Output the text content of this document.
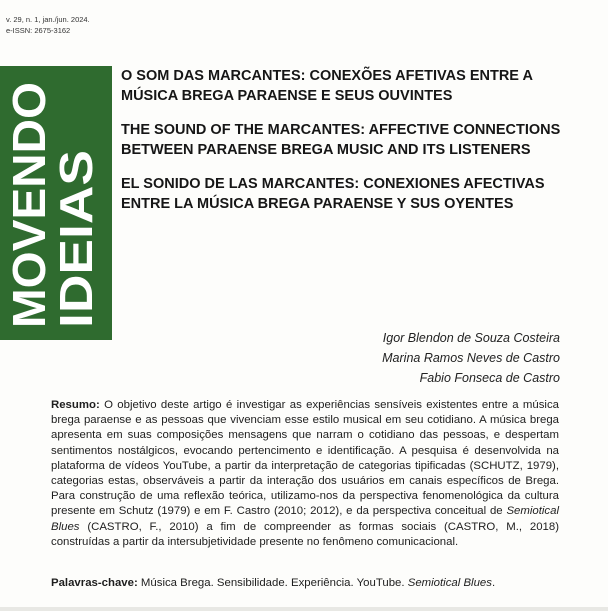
v. 29, n. 1, jan./jun. 2024.
e-ISSN: 2675-3162
MOVENDO
IDEIAS
O SOM DAS MARCANTES: CONEXÕES AFETIVAS ENTRE A MÚSICA BREGA PARAENSE E SEUS OUVINTES
THE SOUND OF THE MARCANTES: AFFECTIVE CONNECTIONS BETWEEN PARAENSE BREGA MUSIC AND ITS LISTENERS
EL SONIDO DE LAS MARCANTES: CONEXIONES AFECTIVAS ENTRE LA MÚSICA BREGA PARAENSE Y SUS OYENTES
Igor Blendon de Souza Costeira
Marina Ramos Neves de Castro
Fabio Fonseca de Castro
Resumo: O objetivo deste artigo é investigar as experiências sensíveis existentes entre a música brega paraense e as pessoas que vivenciam esse estilo musical em seu cotidiano. A música brega apresenta em suas composições mensagens que narram o cotidiano das pessoas, e despertam sentimentos nostálgicos, evocando pertencimento e identificação. A pesquisa é desenvolvida na plataforma de vídeos YouTube, a partir da interpretação de categorias tipificadas (SCHUTZ, 1979), categorias estas, observáveis a partir da interação dos usuários em canais específicos de Brega. Para construção de uma reflexão teórica, utilizamo-nos da perspectiva fenomenológica da cultura presente em Schutz (1979) e em F. Castro (2010; 2012), e da perspectiva conceitual de Semiotical Blues (CASTRO, F., 2010) a fim de compreender as formas sociais (CASTRO, M., 2018) construídas a partir da intersubjetividade presente no fenômeno comunicacional.
Palavras-chave: Música Brega. Sensibilidade. Experiência. YouTube. Semiotical Blues.
